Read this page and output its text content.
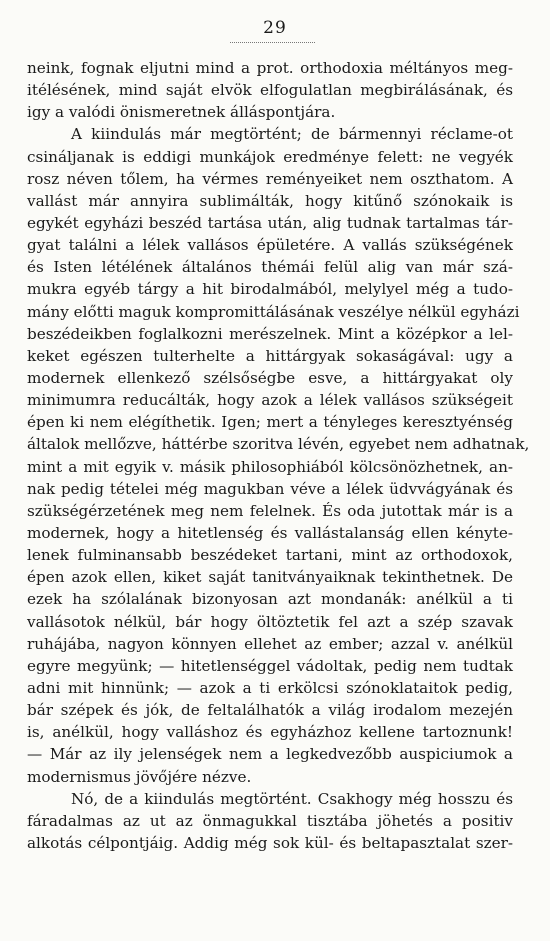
29
neink, fognak eljutni mind a prot. orthodoxia méltányos meg-
itélésének, mind saját elvök elfogulatlan megbirálásának, és
igy a valódi önismeretnek álláspontjára.
A kiindulás már megtörtént; de bármennyi réclame-ot
csináljanak is eddigi munkájok eredménye felett: ne vegyék
rosz néven tőlem, ha vérmes reményeiket nem oszthatom. A
vallást már annyira sublimálták, hogy kitűnő szónokaik is
egykét egyházi beszéd tartása után, alig tudnak tartalmas tár-
gyat találni a lélek vallásos épületére. A vallás szükségének
és Isten létélének általános thémái felül alig van már szá-
mukra egyéb tárgy a hit birodalmából, melylyel még a tudo-
mány előtti maguk kompromittálásának veszélye nélkül egyházi
beszédeikben foglalkozni merészelnek. Mint a középkor a lel-
keket egészen tulterhelte a hittárgyak sokaságával: ugy a
modernek ellenkező szélsőségbe esve, a hittárgyakat oly
minimumra reducálták, hogy azok a lélek vallásos szükségeit
épen ki nem elégíthetik. Igen; mert a tényleges keresztyénség
általok mellőzve, háttérbe szoritva lévén, egyebet nem adhatnak,
mint a mit egyik v. másik philosophiából kölcsönözhetnek, an-
nak pedig tételei még magukban véve a lélek üdvvágyának és
szükségérzetének meg nem felelnek. És oda jutottak már is a
modernek, hogy a hitetlenség és vallástalanság ellen kénytе-
lenek fulminansabb beszédeket tartani, mint az orthodoxok,
épen azok ellen, kiket saját tanitványaiknak tekinthetnek. De
ezek ha szólalának bizonyosan azt mondanák: anélkül a ti
vallásotok nélkül, bár hogy öltöztetik fel azt a szép szavak
ruhájába, nagyon könnyen ellehet az ember; azzal v. anélkül
egyre megyünk; — hitetlenséggel vádoltak, pedig nem tudtak
adni mit hinnünk; — azok a ti erkölcsi szónoklataitok pedig,
bár szépek és jók, de feltalálhatók a világ irodalom mezején
is, anélkül, hogy valláshoz és egyházhoz kellene tartoznunk!
— Már az ily jelenségek nem a legkedvezőbb auspiciumok a
modernismus jövőjére nézve.
Nó, de a kiindulás megtörtént. Csakhogy még hosszu és
fáradalmas az ut az önmagukkal tisztába jöhetés a positiv
alkotás célpontjáig. Addig még sok kül- és beltapasztalat szer-
